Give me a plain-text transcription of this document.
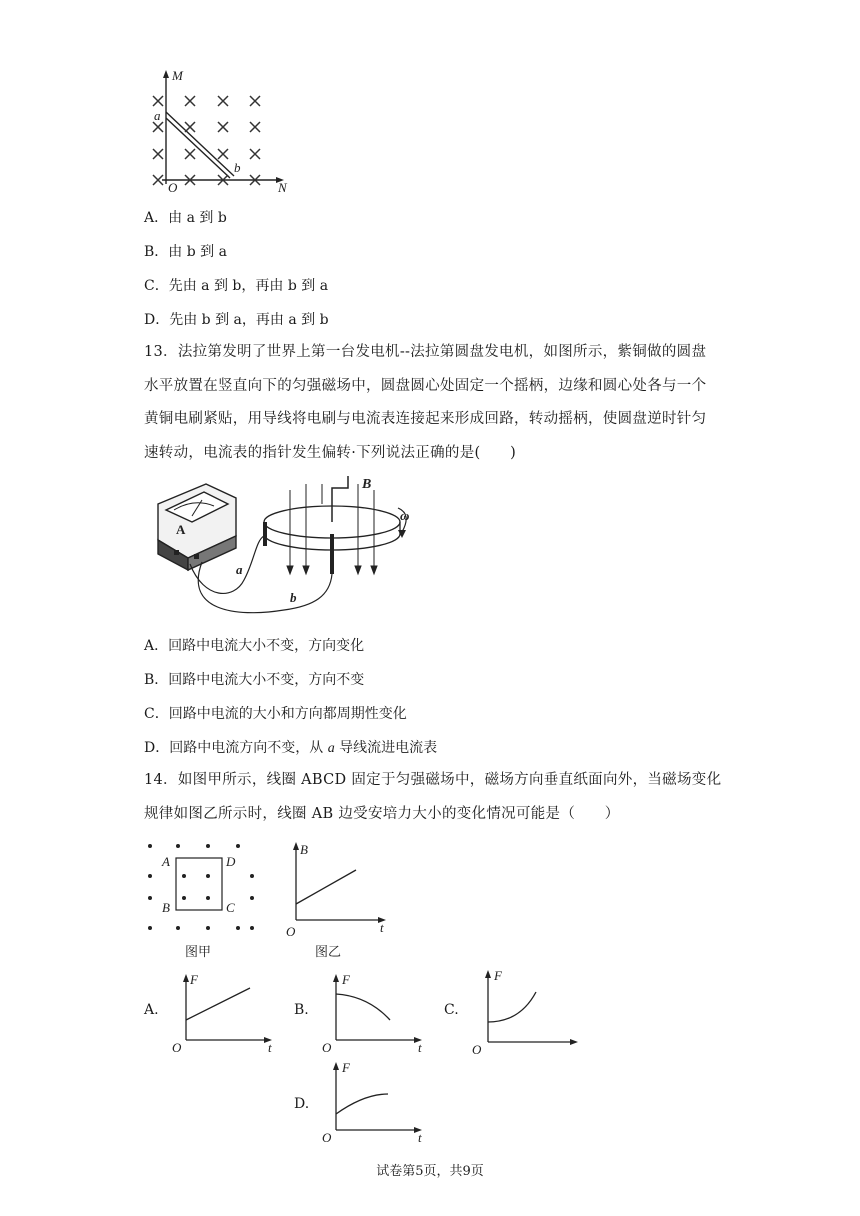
M
a
b
O	N
A．由 a 到 b
B．由 b 到 a
C．先由 a 到 b，再由 b 到 a
D．先由 b 到 a，再由 a 到 b
13．法拉第发明了世界上第一台发电机--法拉第圆盘发电机，如图所示，紫铜做的圆盘
水平放置在竖直向下的匀强磁场中，圆盘圆心处固定一个摇柄，边缘和圆心处各与一个
黄铜电刷紧贴，用导线将电刷与电流表连接起来形成回路，转动摇柄，使圆盘逆时针匀
速转动，电流表的指针发生偏转·下列说法正确的是(　　)
A
B
ω
a
b
A．回路中电流大小不变，方向变化
B．回路中电流大小不变，方向不变
C．回路中电流的大小和方向都周期性变化
D．回路中电流方向不变，从 a 导线流进电流表
14．如图甲所示，线圈 ABCD 固定于匀强磁场中，磁场方向垂直纸面向外，当磁场变化
规律如图乙所示时，线圈 AB 边受安培力大小的变化情况可能是（　　）
A	D
B	C
图甲
B
t
O
图乙
A.
F
t
O
B.
F
t
O
C.
F
O
D.
F
t
O
试卷第5页，共9页
